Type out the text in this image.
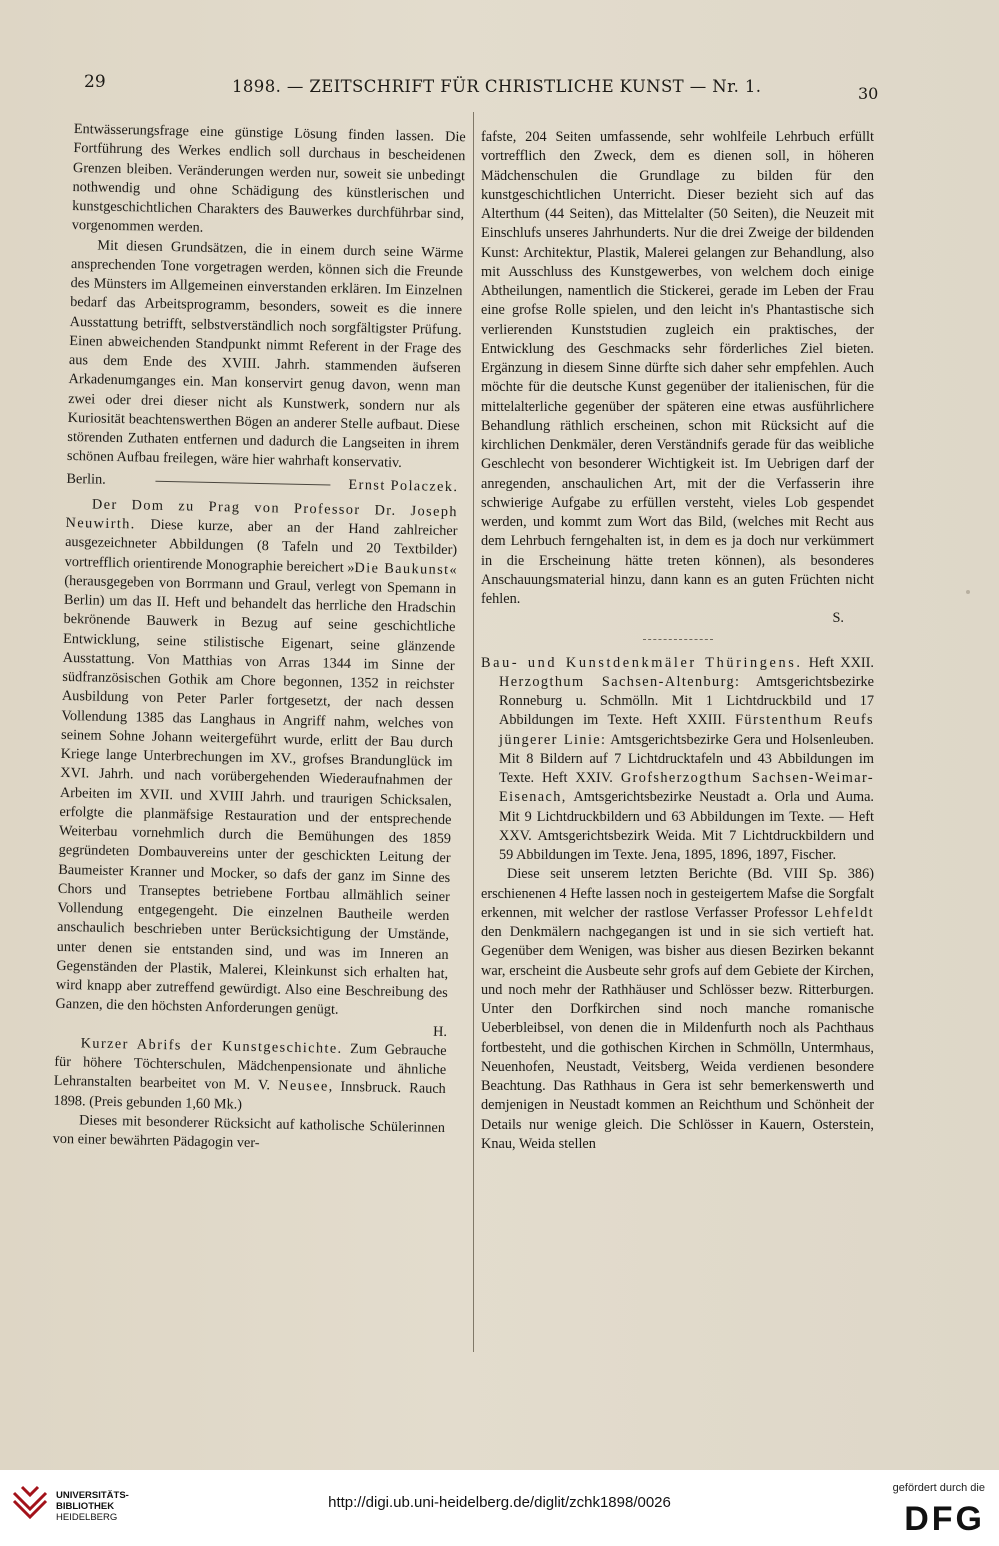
29	1898. — ZEITSCHRIFT FÜR CHRISTLICHE KUNST — Nr. 1.	30

Entwässerungsfrage eine günstige Lösung finden lassen. Die Fortführung des Werkes endlich soll durchaus in bescheidenen Grenzen bleiben. Veränderungen werden nur, soweit sie unbedingt nothwendig und ohne Schädigung des künstlerischen und kunstgeschichtlichen Charakters des Bauwerkes durchführbar sind, vorgenommen werden.

Mit diesen Grundsätzen, die in einem durch seine Wärme ansprechenden Tone vorgetragen werden, können sich die Freunde des Münsters im Allgemeinen einverstanden erklären. Im Einzelnen bedarf das Arbeitsprogramm, besonders, soweit es die innere Ausstattung betrifft, selbstverständlich noch sorgfältigster Prüfung. Einen abweichenden Standpunkt nimmt Referent in der Frage des aus dem Ende des XVIII. Jahrh. stammenden äufseren Arkadenumganges ein. Man konservirt genug davon, wenn man zwei oder drei dieser nicht als Kunstwerk, sondern nur als Kuriosität beachtenswerthen Bögen an anderer Stelle aufbaut. Diese störenden Zuthaten entfernen und dadurch die Langseiten in ihrem schönen Aufbau freilegen, wäre hier wahrhaft konservativ.

Berlin.	Ernst Polaczek.

Der Dom zu Prag von Professor Dr. Joseph Neuwirth. Diese kurze, aber an der Hand zahlreicher ausgezeichneter Abbildungen (8 Tafeln und 20 Textbilder) vortrefflich orientirende Monographie bereichert »Die Baukunst« (herausgegeben von Borrmann und Graul, verlegt von Spemann in Berlin) um das II. Heft und behandelt das herrliche den Hradschin bekrönende Bauwerk in Bezug auf seine geschichtliche Entwicklung, seine stilistische Eigenart, seine glänzende Ausstattung. Von Matthias von Arras 1344 im Sinne der südfranzösischen Gothik am Chore begonnen, 1352 in reichster Ausbildung von Peter Parler fortgesetzt, der nach dessen Vollendung 1385 das Langhaus in Angriff nahm, welches von seinem Sohne Johann weitergeführt wurde, erlitt der Bau durch Kriege lange Unterbrechungen im XV., grofses Brandunglück im XVI. Jahrh. und nach vorübergehenden Wiederaufnahmen der Arbeiten im XVII. und XVIII Jahrh. und traurigen Schicksalen, erfolgte die planmäfsige Restauration und der entsprechende Weiterbau vornehmlich durch die Bemühungen des 1859 gegründeten Dombauvereins unter der geschickten Leitung der Baumeister Kranner und Mocker, so dafs der ganz im Sinne des Chors und Transeptes betriebene Fortbau allmählich seiner Vollendung entgegengeht. Die einzelnen Bautheile werden anschaulich beschrieben unter Berücksichtigung der Umstände, unter denen sie entstanden sind, und was im Inneren an Gegenständen der Plastik, Malerei, Kleinkunst sich erhalten hat, wird knapp aber zutreffend gewürdigt. Also eine Beschreibung des Ganzen, die den höchsten Anforderungen genügt.

H.

Kurzer Abrifs der Kunstgeschichte. Zum Gebrauche für höhere Töchterschulen, Mädchenpensionate und ähnliche Lehranstalten bearbeitet von M. V. Neusee, Innsbruck. Rauch 1898. (Preis gebunden 1,60 Mk.)

Dieses mit besonderer Rücksicht auf katholische Schülerinnen von einer bewährten Pädagogin ver-

fafste, 204 Seiten umfassende, sehr wohlfeile Lehrbuch erfüllt vortrefflich den Zweck, dem es dienen soll, in höheren Mädchenschulen die Grundlage zu bilden für den kunstgeschichtlichen Unterricht. Dieser bezieht sich auf das Alterthum (44 Seiten), das Mittelalter (50 Seiten), die Neuzeit mit Einschlufs unseres Jahrhunderts. Nur die drei Zweige der bildenden Kunst: Architektur, Plastik, Malerei gelangen zur Behandlung, also mit Ausschluss des Kunstgewerbes, von welchem doch einige Abtheilungen, namentlich die Stickerei, gerade im Leben der Frau eine grofse Rolle spielen, und den leicht in's Phantastische sich verlierenden Kunststudien zugleich ein praktisches, der Entwicklung des Geschmacks sehr förderliches Ziel bieten. Ergänzung in diesem Sinne dürfte sich daher sehr empfehlen. Auch möchte für die deutsche Kunst gegenüber der italienischen, für die mittelalterliche gegenüber der späteren eine etwas ausführlichere Behandlung räthlich erscheinen, schon mit Rücksicht auf die kirchlichen Denkmäler, deren Verständnifs gerade für das weibliche Geschlecht von besonderer Wichtigkeit ist. Im Uebrigen darf der anregenden, anschaulichen Art, mit der die Verfasserin ihre schwierige Aufgabe zu erfüllen versteht, vieles Lob gespendet werden, und kommt zum Wort das Bild, (welches mit Recht aus dem Lehrbuch ferngehalten ist, in dem es ja doch nur verkümmert in die Erscheinung hätte treten können), als besonderes Anschauungsmaterial hinzu, dann kann es an guten Früchten nicht fehlen.

S.

Bau- und Kunstdenkmäler Thüringens. Heft XXII. Herzogthum Sachsen-Altenburg: Amtsgerichtsbezirke Ronneburg u. Schmölln. Mit 1 Lichtdruckbild und 17 Abbildungen im Texte. Heft XXIII. Fürstenthum Reufs jüngerer Linie: Amtsgerichtsbezirke Gera und Holsenleuben. Mit 8 Bildern auf 7 Lichtdrucktafeln und 43 Abbildungen im Texte. Heft XXIV. Grofsherzogthum Sachsen-Weimar-Eisenach, Amtsgerichtsbezirke Neustadt a. Orla und Auma. Mit 9 Lichtdruckbildern und 63 Abbildungen im Texte. — Heft XXV. Amtsgerichtsbezirk Weida. Mit 7 Lichtdruckbildern und 59 Abbildungen im Texte. Jena, 1895, 1896, 1897, Fischer.

Diese seit unserem letzten Berichte (Bd. VIII Sp. 386) erschienenen 4 Hefte lassen noch in gesteigertem Mafse die Sorgfalt erkennen, mit welcher der rastlose Verfasser Professor Lehfeldt den Denkmälern nachgegangen ist und in sie sich vertieft hat. Gegenüber dem Wenigen, was bisher aus diesen Bezirken bekannt war, erscheint die Ausbeute sehr grofs auf dem Gebiete der Kirchen, und noch mehr der Rathhäuser und Schlösser bezw. Ritterburgen. Unter den Dorfkirchen sind noch manche romanische Ueberbleibsel, von denen die in Mildenfurth noch als Pachthaus fortbesteht, und die gothischen Kirchen in Schmölln, Untermhaus, Neuenhofen, Neustadt, Veitsberg, Weida verdienen besondere Beachtung. Das Rathhaus in Gera ist sehr bemerkenswerth und demjenigen in Neustadt kommen an Reichthum und Schönheit der Details nur wenige gleich. Die Schlösser in Kauern, Osterstein, Knau, Weida stellen

UNIVERSITÄTS-
BIBLIOTHEK
HEIDELBERG
http://digi.ub.uni-heidelberg.de/diglit/zchk1898/0026
gefördert durch die
DFG
